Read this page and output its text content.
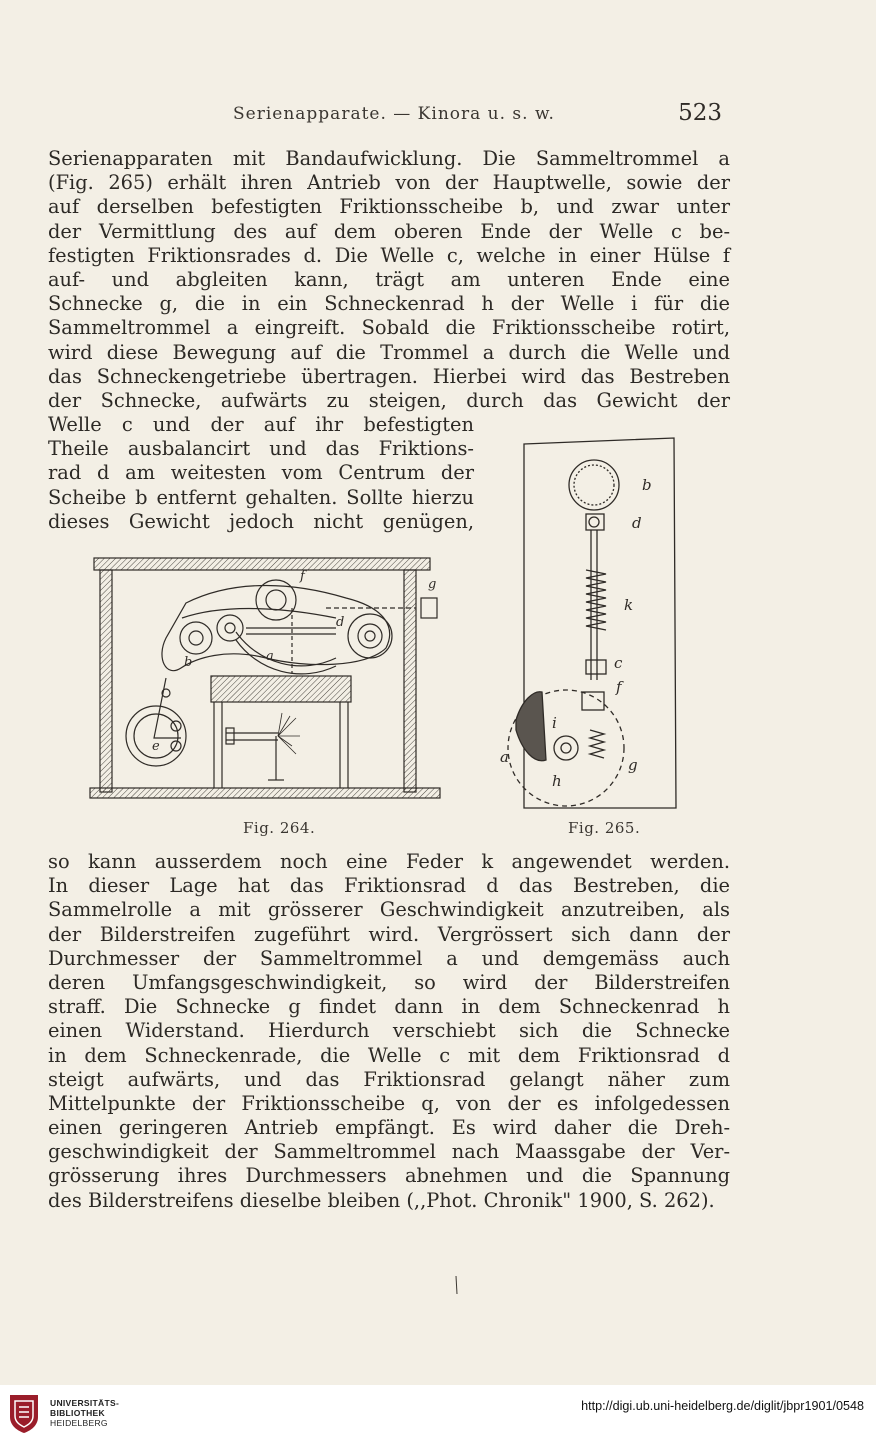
Serienapparate. — Kinora u. s. w.	523
Serienapparaten mit Bandaufwicklung. Die Sammeltrommel a
(Fig. 265) erhält ihren Antrieb von der Hauptwelle, sowie der
auf derselben befestigten Friktionsscheibe b, und zwar unter
der Vermittlung des auf dem oberen Ende der Welle c be-
festigten Friktionsrades d. Die Welle c, welche in einer Hülse f
auf- und abgleiten kann, trägt am unteren Ende eine
Schnecke g, die in ein Schneckenrad h der Welle i für die
Sammeltrommel a eingreift. Sobald die Friktionsscheibe rotirt,
wird diese Bewegung auf die Trommel a durch die Welle und
das Schneckengetriebe übertragen. Hierbei wird das Bestreben
der Schnecke, aufwärts zu steigen, durch das Gewicht der
Welle c und der auf ihr befestigten
Theile ausbalancirt und das Friktions-
rad d am weitesten vom Centrum der
Scheibe b entfernt gehalten. Sollte hierzu
dieses Gewicht jedoch nicht genügen,
f
g
d
b	a
e
Fig. 264.
b
d
k
c
f
i
a	g
h
Fig. 265.
so kann ausserdem noch eine Feder k angewendet werden.
In dieser Lage hat das Friktionsrad d das Bestreben, die
Sammelrolle a mit grösserer Geschwindigkeit anzutreiben, als
der Bilderstreifen zugeführt wird. Vergrössert sich dann der
Durchmesser der Sammeltrommel a und demgemäss auch
deren Umfangsgeschwindigkeit, so wird der Bilderstreifen
straff. Die Schnecke g findet dann in dem Schneckenrad h
einen Widerstand. Hierdurch verschiebt sich die Schnecke
in dem Schneckenrade, die Welle c mit dem Friktionsrad d
steigt aufwärts, und das Friktionsrad gelangt näher zum
Mittelpunkte der Friktionsscheibe q, von der es infolgedessen
einen geringeren Antrieb empfängt. Es wird daher die Dreh-
geschwindigkeit der Sammeltrommel nach Maassgabe der Ver-
grösserung ihres Durchmessers abnehmen und die Spannung
des Bilderstreifens dieselbe bleiben (,,Phot. Chronik" 1900, S. 262).
UNIVERSITÄTS-
BIBLIOTHEK
HEIDELBERG
http://digi.ub.uni-heidelberg.de/diglit/jbpr1901/0548
